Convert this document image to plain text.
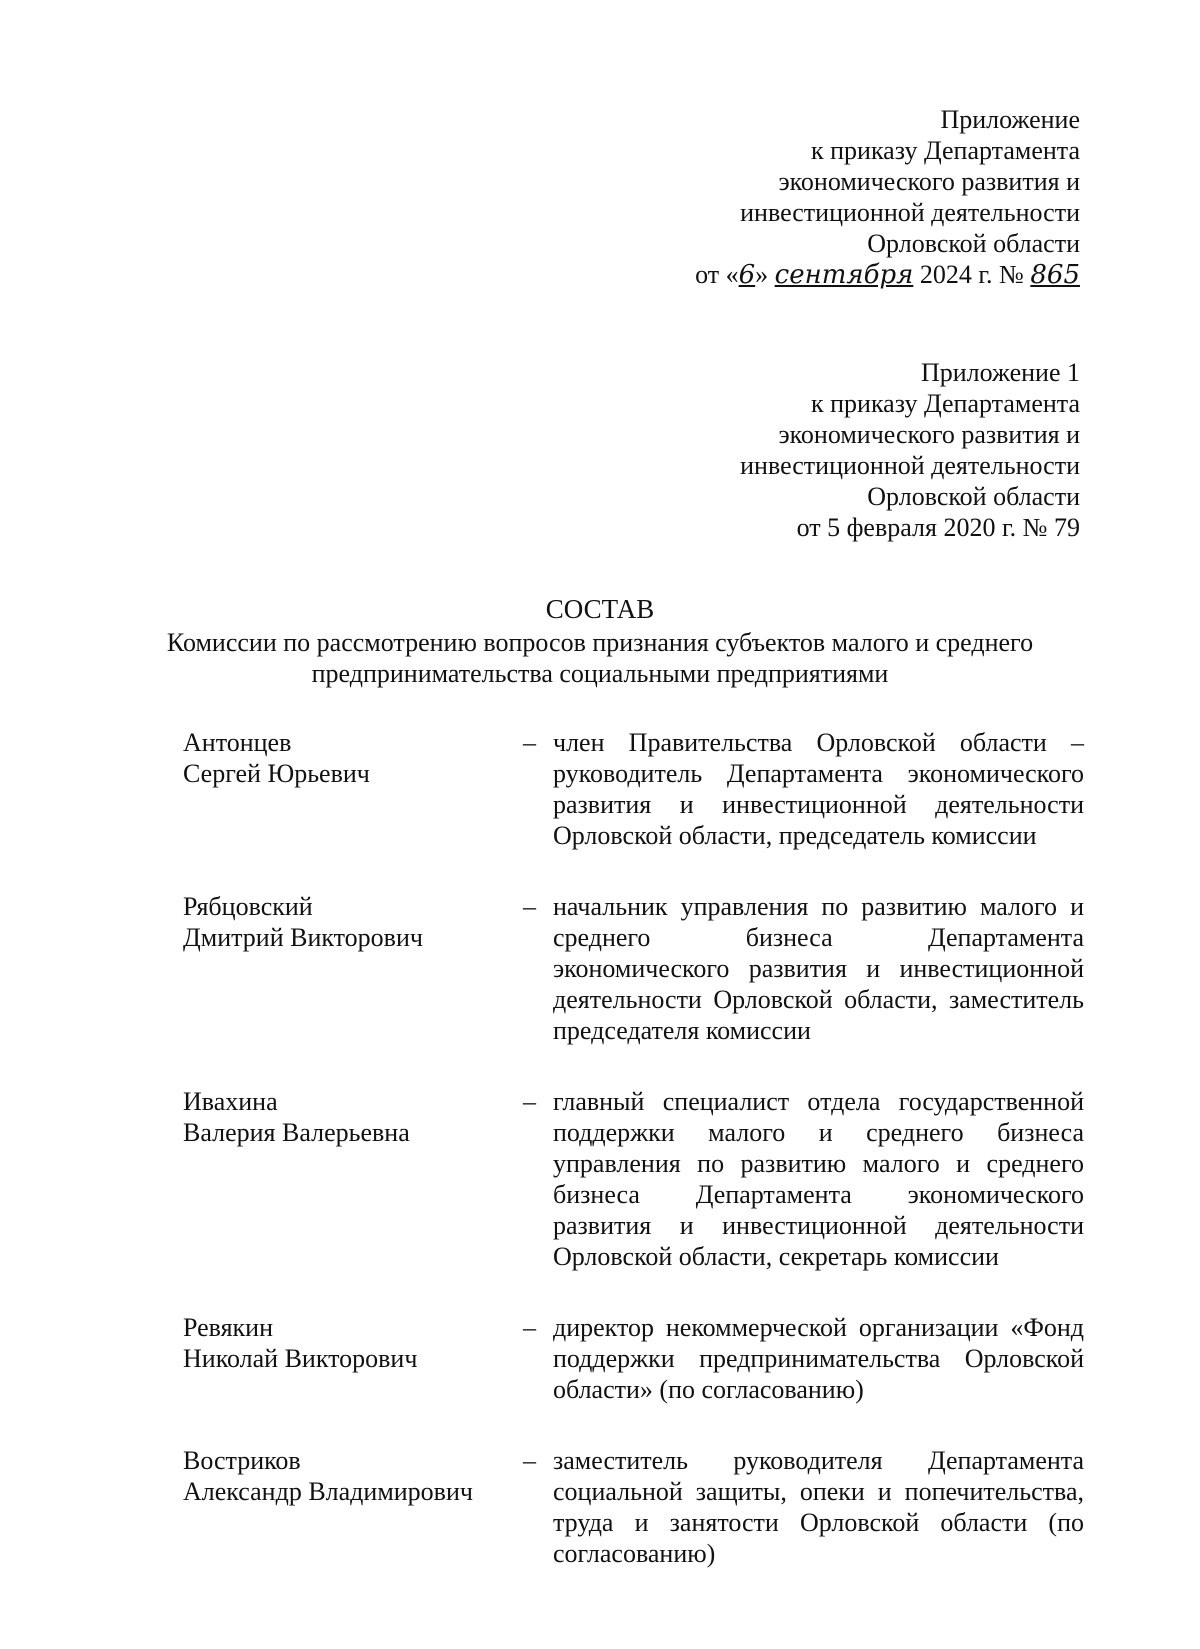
Приложение
к приказу Департамента
экономического развития и
инвестиционной деятельности
Орловской области
от «6» сентября 2024 г. № 865
Приложение 1
к приказу Департамента
экономического развития и
инвестиционной деятельности
Орловской области
от 5 февраля 2020 г. № 79
СОСТАВ
Комиссии по рассмотрению вопросов признания субъектов малого и среднего предпринимательства социальными предприятиями
Антонцев
Сергей Юрьевич
– член Правительства Орловской области – руководитель Департамента экономического развития и инвестиционной деятельности Орловской области, председатель комиссии
Рябцовский
Дмитрий Викторович
– начальник управления по развитию малого и среднего бизнеса Департамента экономического развития и инвестиционной деятельности Орловской области, заместитель председателя комиссии
Ивахина
Валерия Валерьевна
– главный специалист отдела государственной поддержки малого и среднего бизнеса управления по развитию малого и среднего бизнеса Департамента экономического развития и инвестиционной деятельности Орловской области, секретарь комиссии
Ревякин
Николай Викторович
– директор некоммерческой организации «Фонд поддержки предпринимательства Орловской области» (по согласованию)
Востриков
Александр Владимирович
– заместитель руководителя Департамента социальной защиты, опеки и попечительства, труда и занятости Орловской области (по согласованию)
